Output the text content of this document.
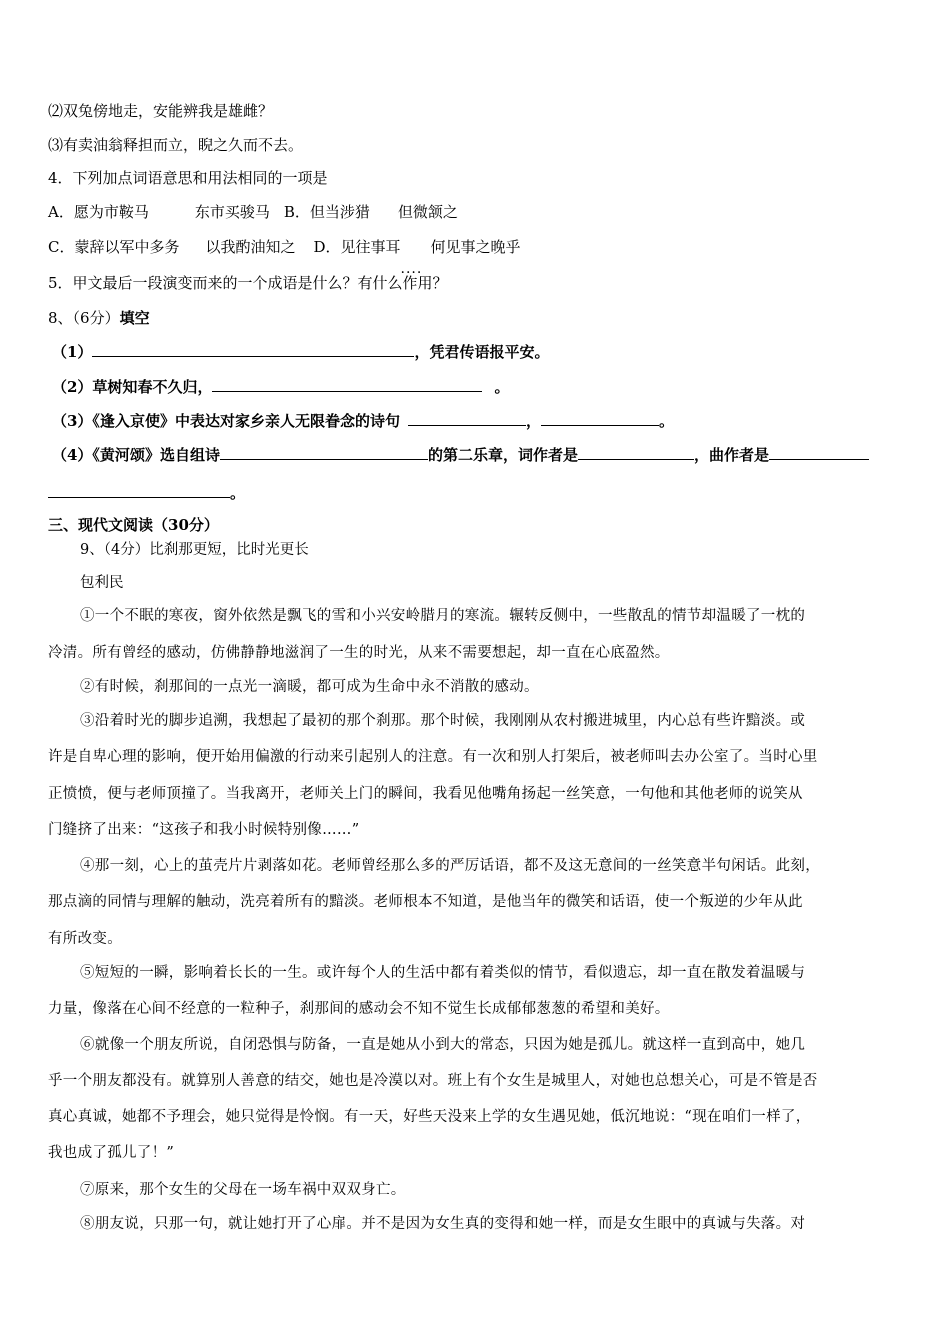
⑵双兔傍地走，安能辨我是雄雌？
⑶有卖油翁释担而立，睨之久而不去。
4．下列加点词语意思和用法相同的一项是
A．愿为市鞍马	东市买骏马 B．但当涉猎 但微颔之
C．蒙辞以军中多务 以我酌油知之 D．见往事耳 何见事之晚乎
5．甲文最后一段演变而来的一个成语是什么？有什么作用？
8、（6分）填空
（1）	，凭君传语报平安。
（2）草树知春不久归，	。
（3）《逢入京使》中表达对家乡亲人无限眷念的诗句	，	。
（4）《黄河颂》选自组诗	的第二乐章，词作者是	，曲作者是
。
三、现代文阅读（30分）
9、（4分）比刹那更短，比时光更长
包利民
①一个不眠的寒夜，窗外依然是飘飞的雪和小兴安岭腊月的寒流。辗转反侧中，一些散乱的情节却温暖了一枕的
冷清。所有曾经的感动，仿佛静静地滋润了一生的时光，从来不需要想起，却一直在心底盈然。
②有时候，刹那间的一点光一滴暖，都可成为生命中永不消散的感动。
③沿着时光的脚步追溯，我想起了最初的那个刹那。那个时候，我刚刚从农村搬进城里，内心总有些许黯淡。或
许是自卑心理的影响，便开始用偏激的行动来引起别人的注意。有一次和别人打架后，被老师叫去办公室了。当时心里
正愤愤，便与老师顶撞了。当我离开，老师关上门的瞬间，我看见他嘴角扬起一丝笑意，一句他和其他老师的说笑从
门缝挤了出来：“这孩子和我小时候特别像……”
④那一刻，心上的茧壳片片剥落如花。老师曾经那么多的严厉话语，都不及这无意间的一丝笑意半句闲话。此刻，
那点滴的同情与理解的触动，洗亮着所有的黯淡。老师根本不知道，是他当年的微笑和话语，使一个叛逆的少年从此
有所改变。
⑤短短的一瞬，影响着长长的一生。或许每个人的生活中都有着类似的情节，看似遗忘，却一直在散发着温暖与
力量，像落在心间不经意的一粒种子，刹那间的感动会不知不觉生长成郁郁葱葱的希望和美好。
⑥就像一个朋友所说，自闭恐惧与防备，一直是她从小到大的常态，只因为她是孤儿。就这样一直到高中，她几
乎一个朋友都没有。就算别人善意的结交，她也是冷漠以对。班上有个女生是城里人，对她也总想关心，可是不管是否
真心真诚，她都不予理会，她只觉得是怜悯。有一天，好些天没来上学的女生遇见她，低沉地说：“现在咱们一样了，
我也成了孤儿了！”
⑦原来，那个女生的父母在一场车祸中双双身亡。
⑧朋友说，只那一句，就让她打开了心扉。并不是因为女生真的变得和她一样，而是女生眼中的真诚与失落。对
